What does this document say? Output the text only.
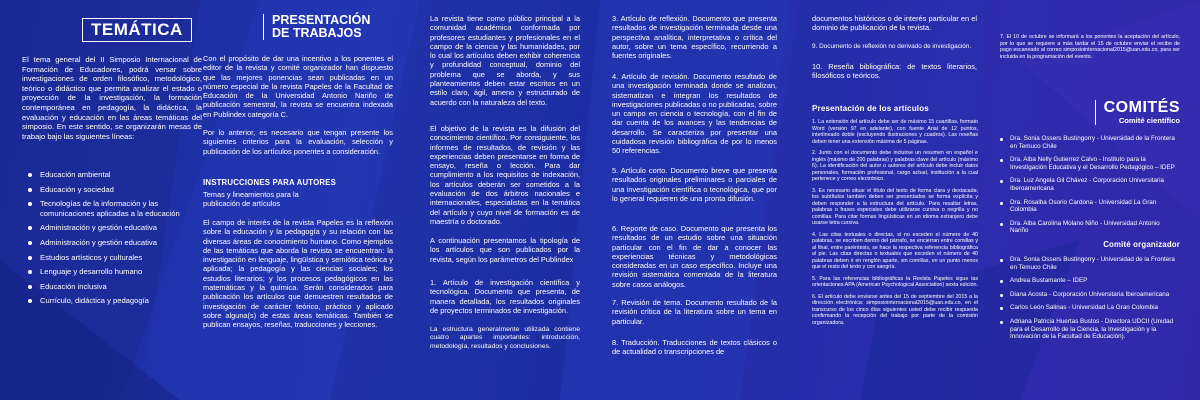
TEMÁTICA

El tema general del II Simposio Internacional de Formación de Educadores, podrá versar sobre investigaciones de orden filosófico, metodológico, teórico o didáctico que permita analizar el estado o proyección de la investigación, la formación contemporánea en pedagogía, la didáctica, la evaluación y educación en las áreas temáticas del simposio. En este sentido, se organizarán mesas de trabajo bajo las siguientes líneas:

Educación ambiental
Educación y sociedad
Tecnologías de la información y las comunicaciones aplicadas a la educación
Administración y gestión educativa
Administración y gestión educativa
Estudios artísticos y culturales
Lenguaje y desarrollo humano
Educación inclusiva
Currículo, didáctica y pedagogía
PRESENTACIÓN
DE TRABAJOS

Con el propósito de dar una incentivo a los ponentes el editor de la revista y comité organizador han dispuesto que las mejores ponencias sean publicadas en un número especial de la revista Papeles de la Facultad de Educación de la Universidad Antonio Nariño de publicación semestral, la revista se encuentra indexada en Publindex categoría C.

Por lo anterior, es necesario que tengan presente los siguientes criterios para la evaluación, selección y publicación de los artículos ponentes a consideración.

INSTRUCCIONES PARA AUTORES

Temas y lineamientos para la publicación de artículos

El campo de interés de la revista Papeles es la reflexión sobre la educación y la pedagogía y su relación con las diversas áreas de conocimiento humano. Como ejemplos de las temáticas que aborda la revista se encuentran: la investigación en lenguaje, lingüística y semiótica teórica y aplicada; la pedagogía y las ciencias sociales; los estudios literarios; y los procesos pedagógicos en las matemáticas y la química. Serán considerados para publicación los artículos que demuestren resultados de investigación de carácter teórico, práctico y aplicado sobre alguna(s) de estas áreas temáticas. También se publican ensayos, reseñas, traducciones y lecciones.

La revista tiene como público principal a la comunidad académica conformada por profesores estudiantes y profesionales en el campo de la ciencia y las humanidades, por lo cual los artículos deben exhibir coherencia y profundidad conceptual, dominio del problema que se aborda, y sus planteamientos deben estar escritos en un estilo claro, ágil, ameno y estructurado de acuerdo con la naturaleza del texto.

El objetivo de la revista es la difusión del conocimiento científico. Por consiguiente, los informes de resultados, de revisión y las experiencias deben presentarse en forma de ensayo, reseña o lección. Para dar cumplimiento a los requisitos de indexación, los artículos deberán ser sometidos a la evaluación de dos árbitros nacionales e internacionales, especialistas en la temática del artículo y cuyo nivel de formación es de maestría o doctorado.

A continuación presentamos la tipología de los artículos que son publicados por la revista, según los parámetros del Publindex

1. Artículo de investigación científica y tecnológica. Documento que presenta, de manera detallada, los resultados originales de proyectos terminados de investigación.

La estructura generalmente utilizada contiene cuatro apartes importantes: introducción, metodología, resultados y conclusiones.

3. Artículo de reflexión. Documento que presenta resultados de investigación terminada desde una perspectiva analítica, interpretativa o crítica del autor, sobre un tema específico, recurriendo a fuentes originales.

4. Artículo de revisión. Documento resultado de una investigación terminada donde se analizan, sistematizan e integran los resultados de investigaciones publicadas o no publicadas, sobre un campo en ciencia o tecnología, con el fin de dar cuenta de los avances y las tendencias de desarrollo. Se caracteriza por presentar una cuidadosa revisión bibliográfica de por lo menos 50 referencias.

5. Artículo corto. Documento breve que presenta resultados originales preliminares o parciales de una investigación científica o tecnológica, que por lo general requieren de una pronta difusión.

6. Reporte de caso. Documento que presenta los resultados de un estudio sobre una situación particular con el fin de dar a conocer las experiencias técnicas y metodológicas consideradas en un caso específico. Incluye una revisión sistemática comentada de la literatura sobre casos análogos.

7. Revisión de tema. Documento resultado de la revisión crítica de la literatura sobre un tema en particular.

8. Traducción. Traducciones de textos clásicos o de actualidad o transcripciones de

documentos históricos o de interés particular en el dominio de publicación de la revista.

9. Documento de reflexión no derivado de investigación.

10. Reseña bibliográfica: de textos literarios, filosóficos o teóricos.

Presentación de los artículos

1. La extensión del artículo debe ser de máximo 15 cuartillas, formato Word (versión 97 en adelante), con fuente Arial de 12 puntos, interlineado doble (excluyendo ilustraciones y cuadros). Las reseñas deben tener una extensión máxima de 5 páginas.

2. Junto con el documento debe incluirse un resumen en español e inglés (máximo de 200 palabras) y palabras clave del artículo (máximo 6). La identificación del autor o autores del artículo debe incluir datos personales, formación profesional, cargo actual, institución a la cual pertenece y correo electrónico.

3. Es necesario situar el título del texto de forma clara y destacada; los subtítulos también deben ser presentados se forma explícita y deben responder a la estructura del artículo. Para resaltar letras, palabras o frases especiales debe utilizarse cursiva o negrilla y no comillas. Para citar formas lingüísticas en un idioma extranjero debe usarse letra cursiva.

4. Las citas textuales o directas, si no exceden el número de 40 palabras, se escriben dentro del párrafo, se encierran entre comillas y al final, entre paréntesis, se hace la respectiva referencia bibliográfica al pie. Las citas directas o textuales que exceden el número de 40 palabras deben ir en renglón aparte, sin comillas, en un punto menos que el resto del texto y con sangría.

5. Para las referencias bibliográficas la Revista Papeles sigue las orientaciones APA (American Psychological Association) sexta edición.

6. El artículo debe enviarse antes del 15 de septiembre del 2015 a la dirección electrónica: simposiointernacional2015@uan.edu.co, en el transcurso de los cinco días siguientes usted debe recibir respuesta confirmando la recepción del trabajo por parte de la comisión organizadora.

7. El 10 de octubre se informará a los ponentes la aceptación del artículo, por lo que se requiere a más tardar el 15 de octubre enviar el recibo de pago escaneado al correo simposiointernacional2015@uan.edu.co, para ser incluida en la programación del evento.

COMITÉS
Comité científico
Dra. Sonia Ossers Bustingorry - Universidad de la Frontera en Temuco Chile
Dra. Alba Nelly Gutierrez Calvo - Instituto para la Investigación Educativa y el Desarrollo Pedagógico – IDEP
Dra. Luz Angela Gil Chávez - Corporación Universitaria Iberoamericana
Dra. Rosalba Osorio Cardona - Universidad La Gran Colombia
Dra. Alba Carolina Molano Niño - Universidad Antonio Nariño
Comité organizador
Dra. Sonia Ossers Bustingorry - Universidad de la Frontera en Temuco Chile
Andrea Bustamante – IDEP
Diana Acosta - Corporación Universitaria Iberoamericana
Carlos León Salinas - Universidad La Gran Colombia
Adriana Patricia Huertas Bustos - Directora UDCII (Unidad para el Desarrollo de la Ciencia, la Investigación y la Innovación de la Facultad de Educación).
